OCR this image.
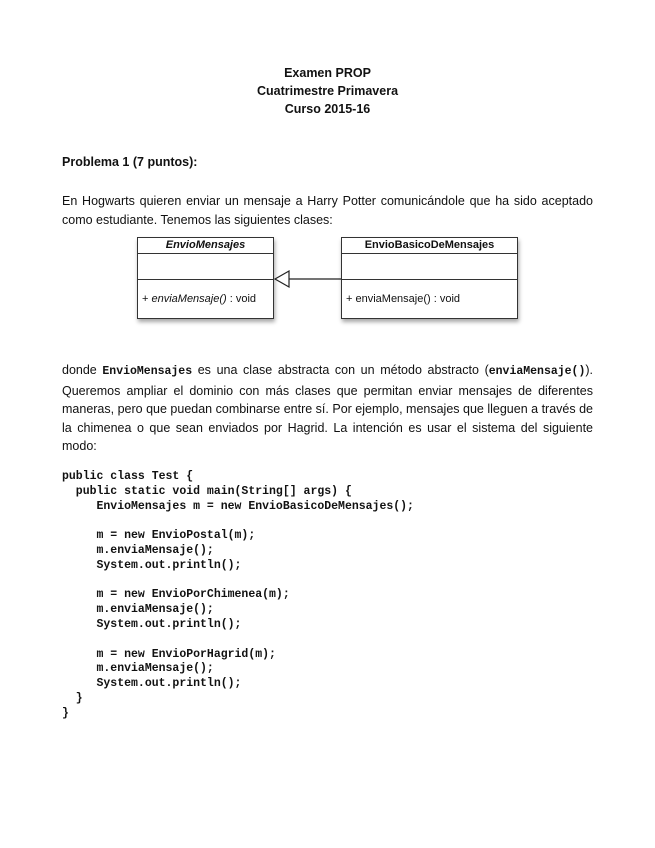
Examen PROP
Cuatrimestre Primavera
Curso 2015-16
Problema 1 (7 puntos):
En Hogwarts quieren enviar un mensaje a Harry Potter comunicándole que ha sido aceptado como estudiante. Tenemos las siguientes clases:
EnvioMensajes
+ enviaMensaje() : void
EnvioBasicoDeMensajes
+ enviaMensaje() : void
donde EnvioMensajes es una clase abstracta con un método abstracto (enviaMensaje()). Queremos ampliar el dominio con más clases que permitan enviar mensajes de diferentes maneras, pero que puedan combinarse entre sí. Por ejemplo, mensajes que lleguen a través de la chimenea o que sean enviados por Hagrid. La intención es usar el sistema del siguiente modo:
public class Test {
public static void main(String[] args) {
EnvioMensajes m = new EnvioBasicoDeMensajes();
m = new EnvioPostal(m);
m.enviaMensaje();
System.out.println();
m = new EnvioPorChimenea(m);
m.enviaMensaje();
System.out.println();
m = new EnvioPorHagrid(m);
m.enviaMensaje();
System.out.println();
}
}
